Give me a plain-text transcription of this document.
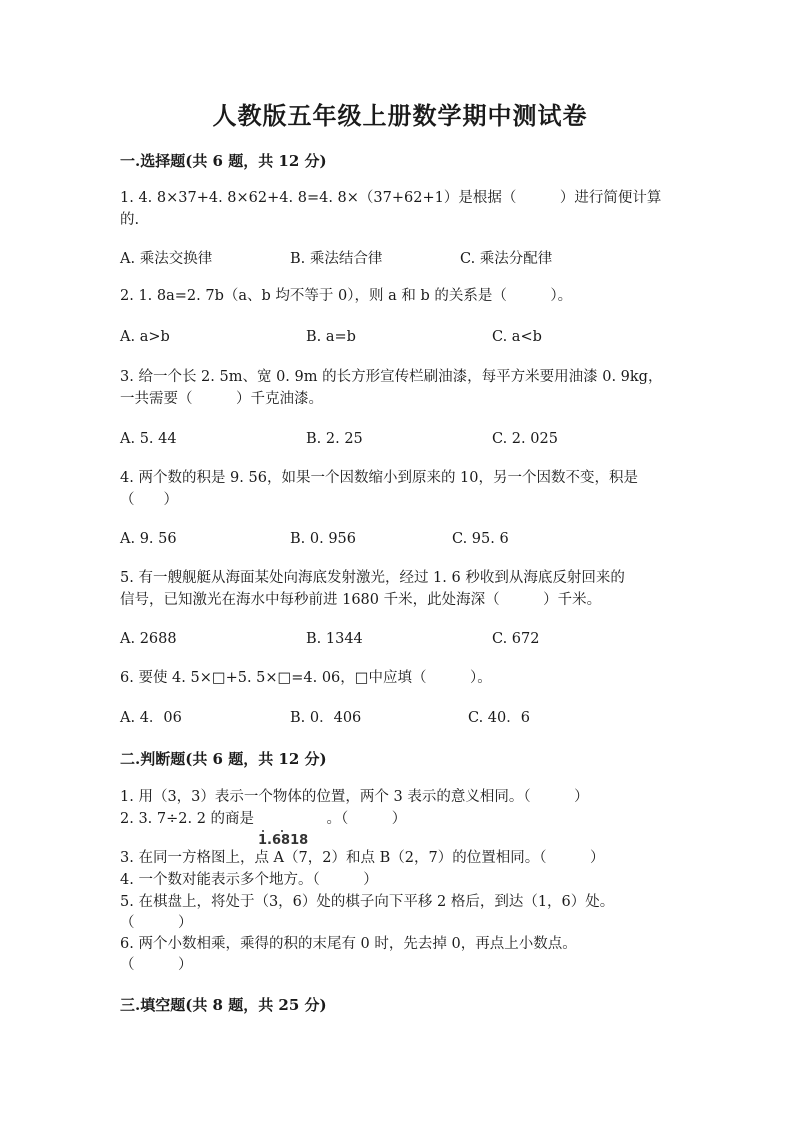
人教版五年级上册数学期中测试卷
一.选择题(共 6 题，共 12 分)
1. 4. 8×37+4. 8×62+4. 8=4. 8×（37+62+1）是根据（　　　）进行简便计算
的.
A. 乘法交换律	B. 乘法结合律	C. 乘法分配律
2. 1. 8a=2. 7b（a、b 均不等于 0），则 a 和 b 的关系是（　　　）。
A. a>b	B. a=b	C. a<b
3. 给一个长 2. 5m、宽 0. 9m 的长方形宣传栏刷油漆，每平方米要用油漆 0. 9kg，
一共需要（　　　）千克油漆。
A. 5. 44	B. 2. 25	C. 2. 025
4. 两个数的积是 9. 56，如果一个因数缩小到原来的 10，另一个因数不变，积是
（　　）
A. 9. 56	B. 0. 956	C. 95. 6
5. 有一艘舰艇从海面某处向海底发射激光，经过 1. 6 秒收到从海底反射回来的
信号，已知激光在海水中每秒前进 1680 千米，此处海深（　　　）千米。
A. 2688	B. 1344	C. 672
6. 要使 4. 5×□+5. 5×□=4. 06，□中应填（　　　）。
A. 4．06	B. 0．406	C. 40．6
二.判断题(共 6 题，共 12 分)
1. 用（3，3）表示一个物体的位置，两个 3 表示的意义相同。（　　　）
2. 3. 7÷2. 2 的商是　　　　　。（　　　）
1.6818
3. 在同一方格图上，点 A（7，2）和点 B（2，7）的位置相同。（　　　）
4. 一个数对能表示多个地方。（　　　）
5. 在棋盘上，将处于（3，6）处的棋子向下平移 2 格后，到达（1，6）处。
（　　　）
6. 两个小数相乘，乘得的积的末尾有 0 时，先去掉 0，再点上小数点。
（　　　）
三.填空题(共 8 题，共 25 分)
